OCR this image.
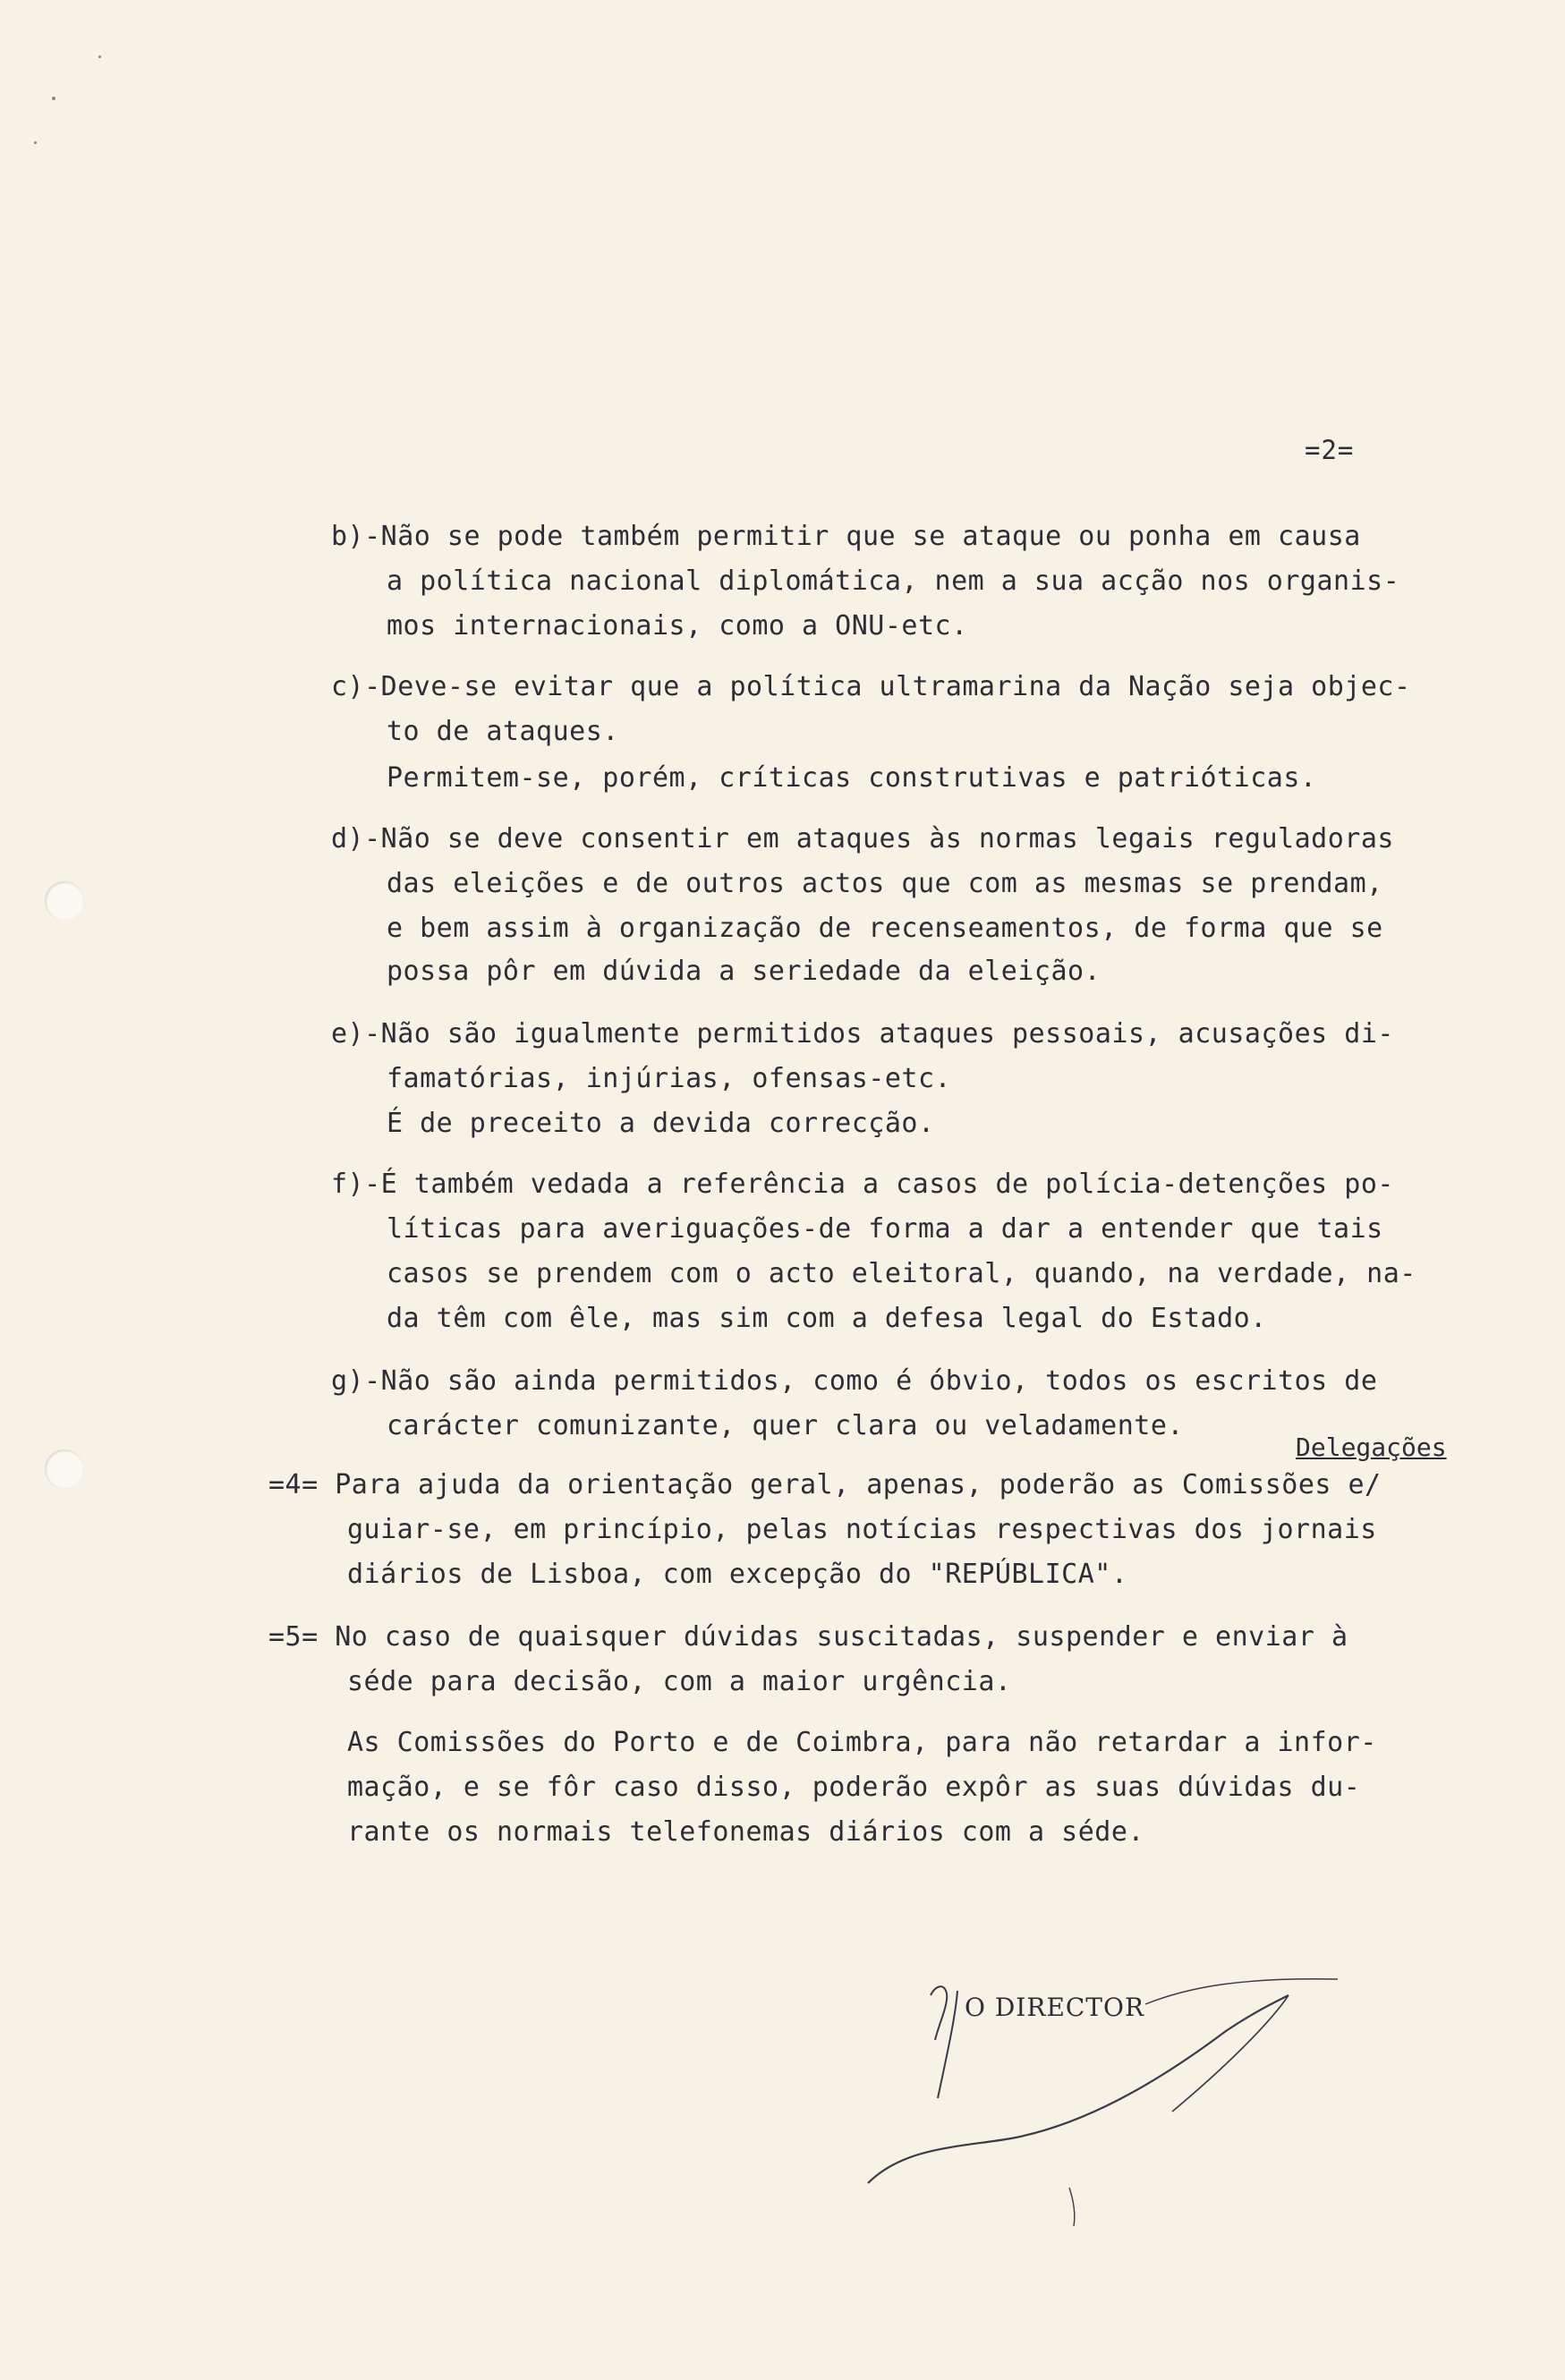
=2=
b)-Não se pode também permitir que se ataque ou ponha em causa
a política nacional diplomática, nem a sua acção nos organis-
mos internacionais, como a ONU-etc.
c)-Deve-se evitar que a política ultramarina da Nação seja objec-
to de ataques.
Permitem-se, porém, críticas construtivas e patrióticas.
d)-Não se deve consentir em ataques às normas legais reguladoras
das eleições e de outros actos que com as mesmas se prendam,
e bem assim à organização de recenseamentos, de forma que se
possa pôr em dúvida a seriedade da eleição.
e)-Não são igualmente permitidos ataques pessoais, acusações di-
famatórias, injúrias, ofensas-etc.
É de preceito a devida correcção.
f)-É também vedada a referência a casos de polícia-detenções po-
líticas para averiguações-de forma a dar a entender que tais
casos se prendem com o acto eleitoral, quando, na verdade, na-
da têm com êle, mas sim com a defesa legal do Estado.
g)-Não são ainda permitidos, como é óbvio, todos os escritos de
carácter comunizante, quer clara ou veladamente.
Delegações
=4= Para ajuda da orientação geral, apenas, poderão as Comissões e/
guiar-se, em princípio, pelas notícias respectivas dos jornais
diários de Lisboa, com excepção do "REPÚBLICA".
=5= No caso de quaisquer dúvidas suscitadas, suspender e enviar à
séde para decisão, com a maior urgência.
As Comissões do Porto e de Coimbra, para não retardar a infor-
mação, e se fôr caso disso, poderão expôr as suas dúvidas du-
rante os normais telefonemas diários com a séde.
O DIRECTOR
